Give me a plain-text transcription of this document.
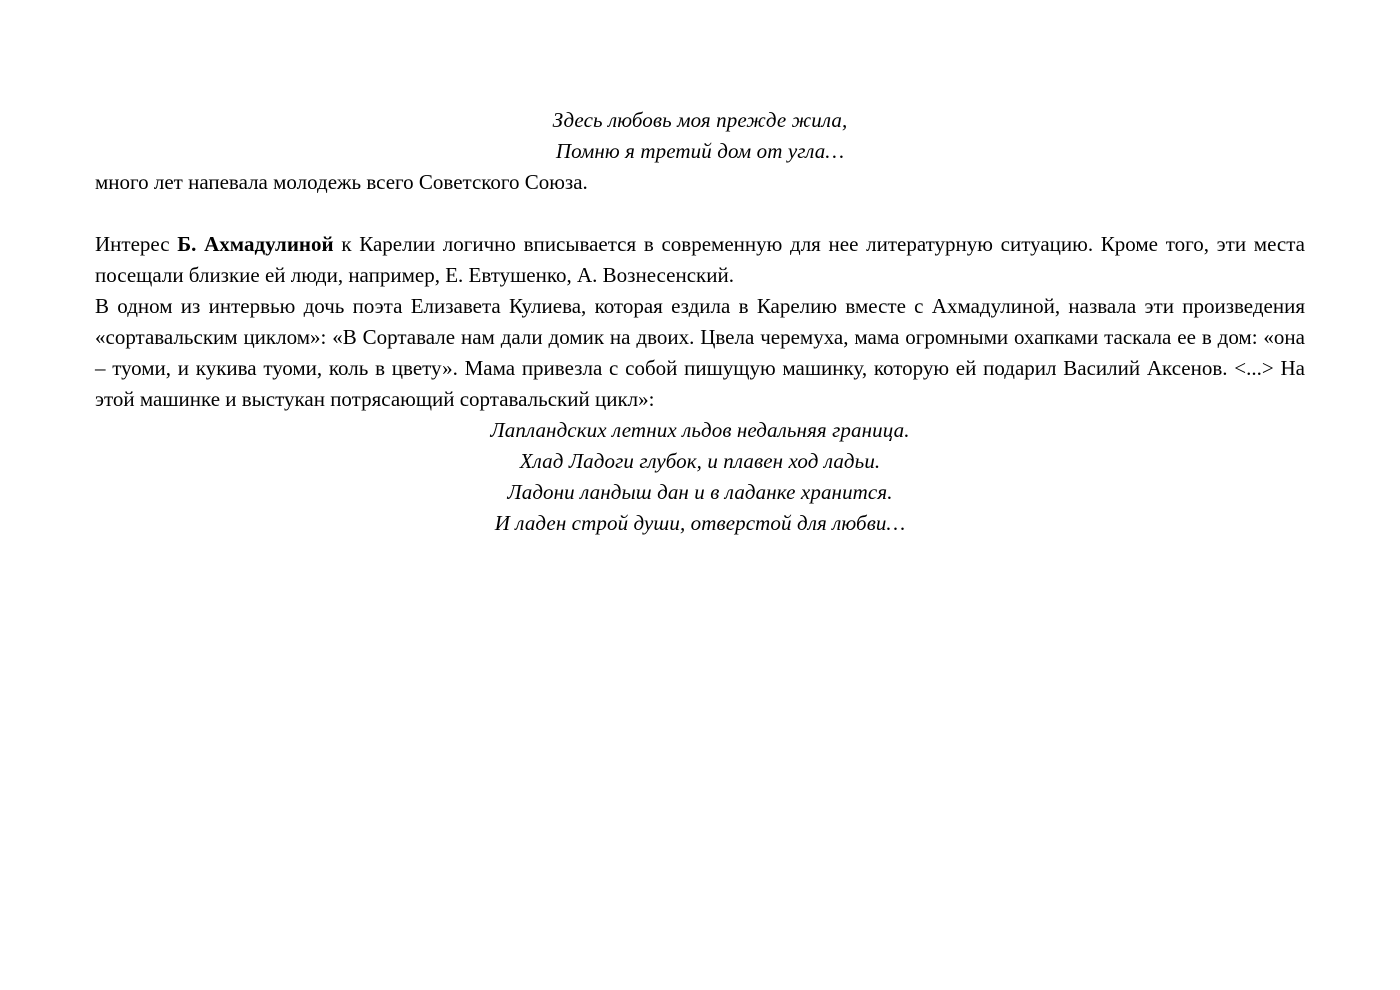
Здесь любовь моя прежде жила,
Помню я третий дом от угла…

много лет напевала молодежь всего Советского Союза.

Интерес Б. Ахмадулиной к Карелии логично вписывается в современную для нее литературную ситуацию. Кроме того, эти места посещали близкие ей люди, например, Е. Евтушенко, А. Вознесенский.

В одном из интервью дочь поэта Елизавета Кулиева, которая ездила в Карелию вместе с Ахмадулиной, назвала эти произведения «сортавальским циклом»: «В Сортавале нам дали домик на двоих. Цвела черемуха, мама огромными охапками таскала ее в дом: «она – туоми, и кукива туоми, коль в цвету». Мама привезла с собой пишущую машинку, которую ей подарил Василий Аксенов. <...> На этой машинке и выстукан потрясающий сортавальский цикл»:

Лапландских летних льдов недальняя граница.
Хлад Ладоги глубок, и плавен ход ладьи.
Ладони ландыш дан и в ладанке хранится.
И ладен строй души, отверстой для любви…
